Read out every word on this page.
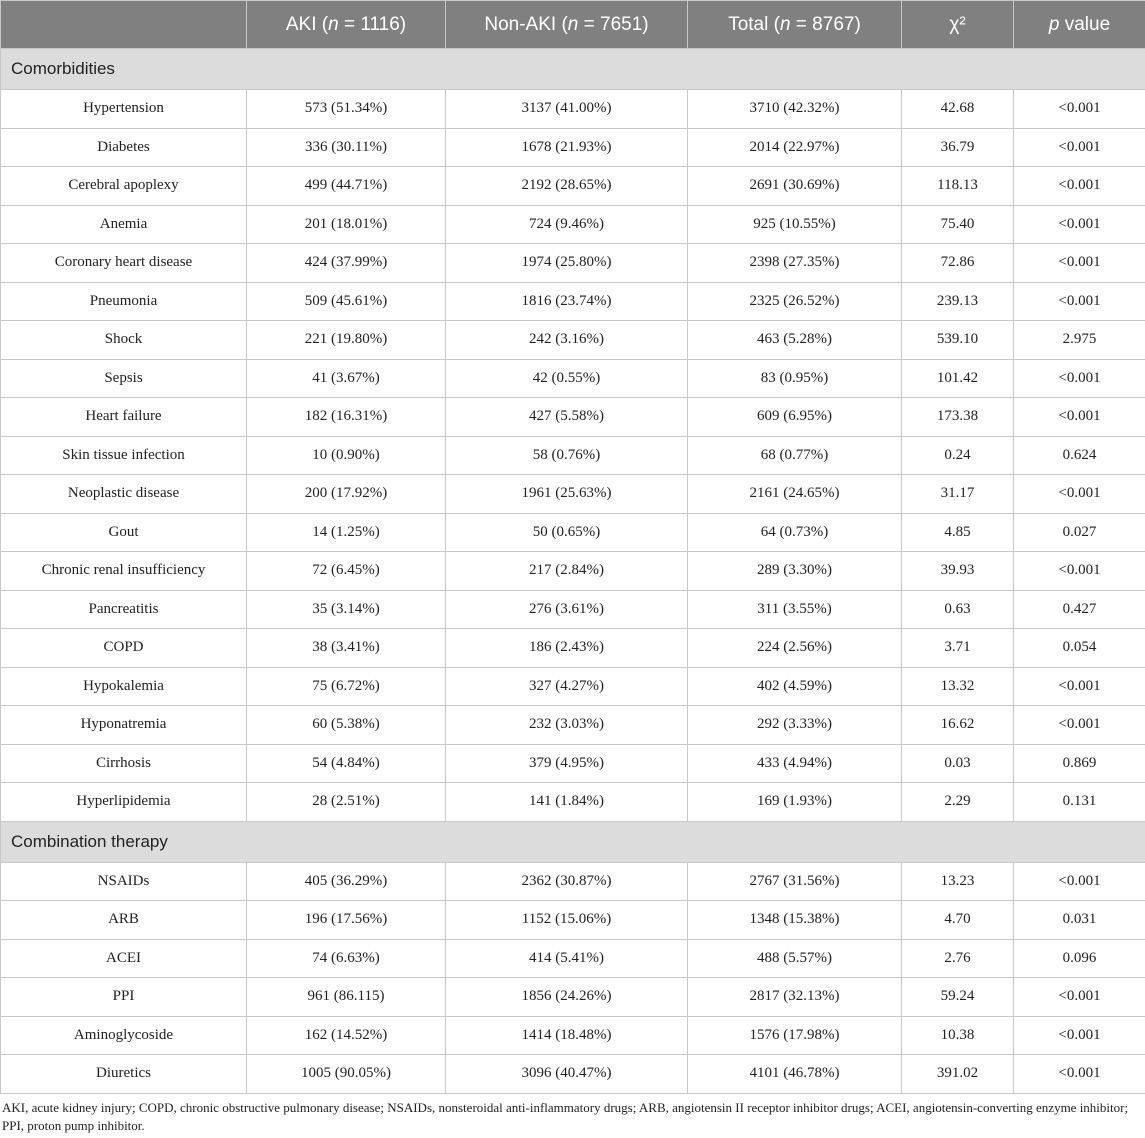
	AKI (n = 1116)	Non-AKI (n = 7651)	Total (n = 8767)	χ²	p value
Comorbidities					
Hypertension	573 (51.34%)	3137 (41.00%)	3710 (42.32%)	42.68	<0.001
Diabetes	336 (30.11%)	1678 (21.93%)	2014 (22.97%)	36.79	<0.001
Cerebral apoplexy	499 (44.71%)	2192 (28.65%)	2691 (30.69%)	118.13	<0.001
Anemia	201 (18.01%)	724 (9.46%)	925 (10.55%)	75.40	<0.001
Coronary heart disease	424 (37.99%)	1974 (25.80%)	2398 (27.35%)	72.86	<0.001
Pneumonia	509 (45.61%)	1816 (23.74%)	2325 (26.52%)	239.13	<0.001
Shock	221 (19.80%)	242 (3.16%)	463 (5.28%)	539.10	2.975
Sepsis	41 (3.67%)	42 (0.55%)	83 (0.95%)	101.42	<0.001
Heart failure	182 (16.31%)	427 (5.58%)	609 (6.95%)	173.38	<0.001
Skin tissue infection	10 (0.90%)	58 (0.76%)	68 (0.77%)	0.24	0.624
Neoplastic disease	200 (17.92%)	1961 (25.63%)	2161 (24.65%)	31.17	<0.001
Gout	14 (1.25%)	50 (0.65%)	64 (0.73%)	4.85	0.027
Chronic renal insufficiency	72 (6.45%)	217 (2.84%)	289 (3.30%)	39.93	<0.001
Pancreatitis	35 (3.14%)	276 (3.61%)	311 (3.55%)	0.63	0.427
COPD	38 (3.41%)	186 (2.43%)	224 (2.56%)	3.71	0.054
Hypokalemia	75 (6.72%)	327 (4.27%)	402 (4.59%)	13.32	<0.001
Hyponatremia	60 (5.38%)	232 (3.03%)	292 (3.33%)	16.62	<0.001
Cirrhosis	54 (4.84%)	379 (4.95%)	433 (4.94%)	0.03	0.869
Hyperlipidemia	28 (2.51%)	141 (1.84%)	169 (1.93%)	2.29	0.131
Combination therapy					
NSAIDs	405 (36.29%)	2362 (30.87%)	2767 (31.56%)	13.23	<0.001
ARB	196 (17.56%)	1152 (15.06%)	1348 (15.38%)	4.70	0.031
ACEI	74 (6.63%)	414 (5.41%)	488 (5.57%)	2.76	0.096
PPI	961 (86.115)	1856 (24.26%)	2817 (32.13%)	59.24	<0.001
Aminoglycoside	162 (14.52%)	1414 (18.48%)	1576 (17.98%)	10.38	<0.001
Diuretics	1005 (90.05%)	3096 (40.47%)	4101 (46.78%)	391.02	<0.001
AKI, acute kidney injury; COPD, chronic obstructive pulmonary disease; NSAIDs, nonsteroidal anti-inflammatory drugs; ARB, angiotensin II receptor inhibitor drugs; ACEI, angiotensin-converting enzyme inhibitor; PPI, proton pump inhibitor.
